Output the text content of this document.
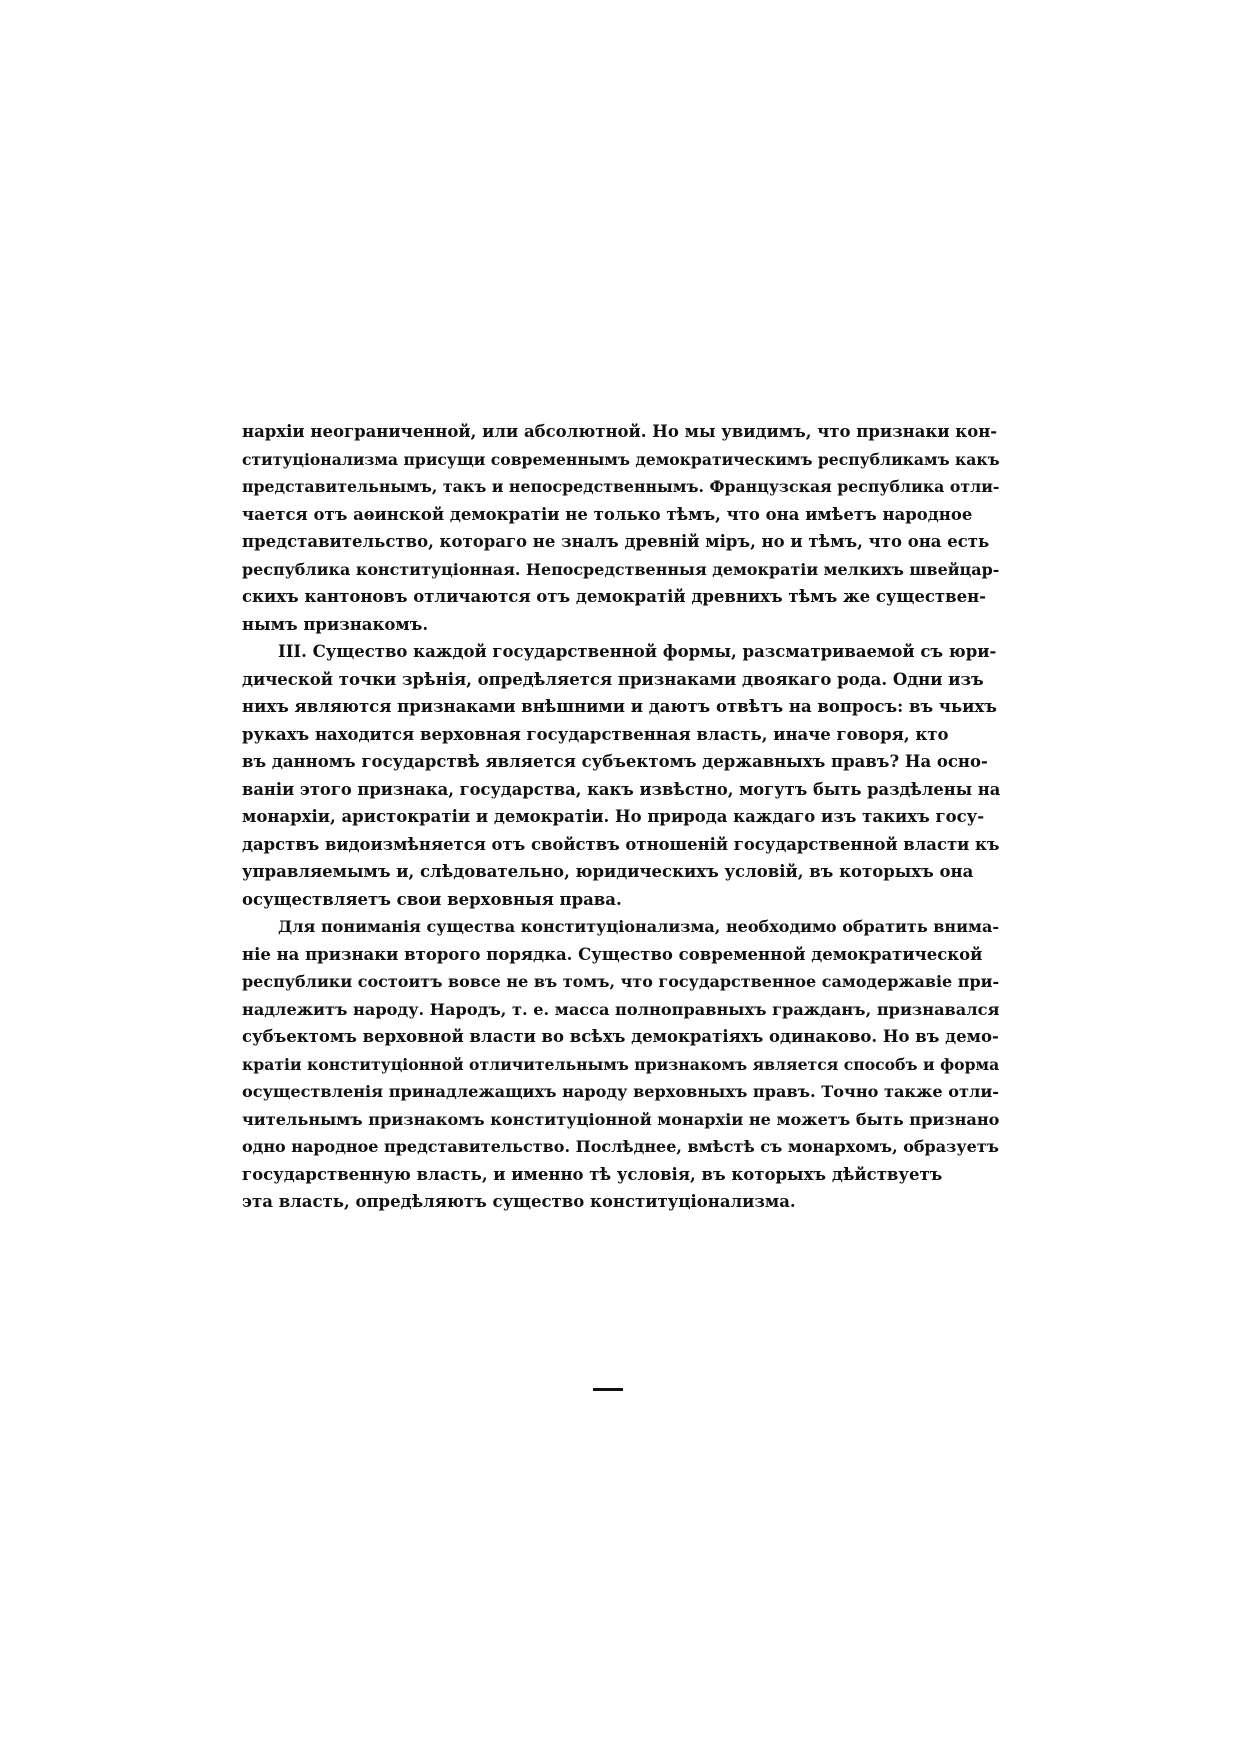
нархіи неограниченной, или абсолютной. Но мы увидимъ, что признаки кон-
ституціонализма присущи современнымъ демократическимъ республикамъ какъ
представительнымъ, такъ и непосредственнымъ. Французская республика отли-
чается отъ аѳинской демократіи не только тѣмъ, что она имѣетъ народное
представительство, котораго не зналъ древній міръ, но и тѣмъ, что она есть
республика конституціонная. Непосредственныя демократіи мелкихъ швейцар-
скихъ кантоновъ отличаются отъ демократій древнихъ тѣмъ же существен-
нымъ признакомъ.
III. Существо каждой государственной формы, разсматриваемой съ юри-
дической точки зрѣнія, опредѣляется признаками двоякаго рода. Одни изъ
нихъ являются признаками внѣшними и даютъ отвѣтъ на вопросъ: въ чьихъ
рукахъ находится верховная государственная власть, иначе говоря, кто
въ данномъ государствѣ является субъектомъ державныхъ правъ? На осно-
ваніи этого признака, государства, какъ извѣстно, могутъ быть раздѣлены на
монархіи, аристократіи и демократіи. Но природа каждаго изъ такихъ госу-
дарствъ видоизмѣняется отъ свойствъ отношеній государственной власти къ
управляемымъ и, слѣдовательно, юридическихъ условій, въ которыхъ она
осуществляетъ свои верховныя права.
Для пониманія существа конституціонализма, необходимо обратить внима-
ніе на признаки второго порядка. Существо современной демократической
республики состоитъ вовсе не въ томъ, что государственное самодержавіе при-
надлежитъ народу. Народъ, т. е. масса полноправныхъ гражданъ, признавался
субъектомъ верховной власти во всѣхъ демократіяхъ одинаково. Но въ демо-
кратіи конституціонной отличительнымъ признакомъ является способъ и форма
осуществленія принадлежащихъ народу верховныхъ правъ. Точно также отли-
чительнымъ признакомъ конституціонной монархіи не можетъ быть признано
одно народное представительство. Послѣднее, вмѣстѣ съ монархомъ, образуетъ
государственную власть, и именно тѣ условія, въ которыхъ дѣйствуетъ
эта власть, опредѣляютъ существо конституціонализма.
